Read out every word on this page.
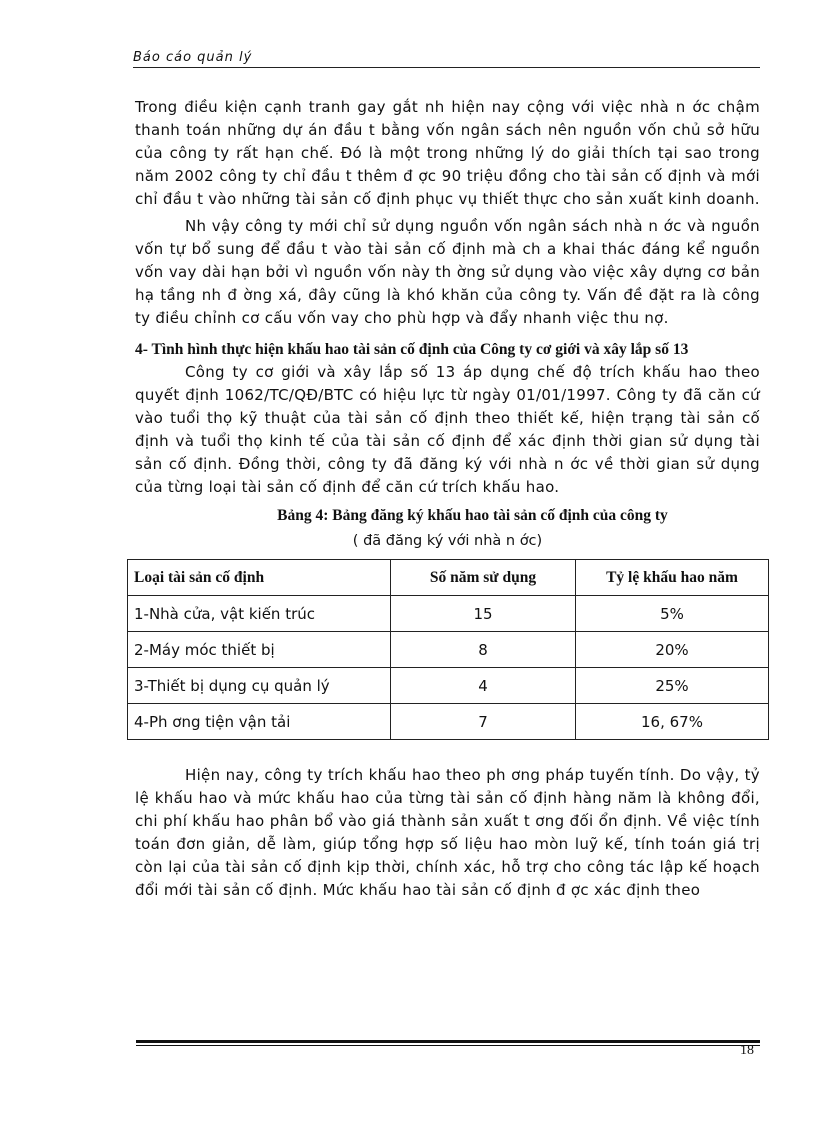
Báo cáo quản lý

Trong điều kiện cạnh tranh gay gắt nh hiện nay cộng với việc nhà n ớc chậm thanh toán những dự án đầu t bằng vốn ngân sách nên nguồn vốn chủ sở hữu của công ty rất hạn chế. Đó là một trong những lý do giải thích tại sao trong năm 2002 công ty chỉ đầu t thêm đ ợc 90 triệu đồng cho tài sản cố định và mới chỉ đầu t vào những tài sản cố định phục vụ thiết thực cho sản xuất kinh doanh.

Nh vậy công ty mới chỉ sử dụng nguồn vốn ngân sách nhà n ớc và nguồn vốn tự bổ sung để đầu t vào tài sản cố định mà ch a khai thác đáng kể nguồn vốn vay dài hạn bởi vì nguồn vốn này th ờng sử dụng vào việc xây dựng cơ bản hạ tầng nh đ ờng xá, đây cũng là khó khăn của công ty. Vấn đề đặt ra là công ty điều chỉnh cơ cấu vốn vay cho phù hợp và đẩy nhanh việc thu nợ.

4- Tình hình thực hiện khấu hao tài sản cố định của Công ty cơ giới và xây lắp số 13

Công ty cơ giới và xây lắp số 13 áp dụng chế độ trích khấu hao theo quyết định 1062/TC/QĐ/BTC có hiệu lực từ ngày 01/01/1997. Công ty đã căn cứ vào tuổi thọ kỹ thuật của tài sản cố định theo thiết kế, hiện trạng tài sản cố định và tuổi thọ kinh tế của tài sản cố định để xác định thời gian sử dụng tài sản cố định. Đồng thời, công ty đã đăng ký với nhà n ớc về thời gian sử dụng của từng loại tài sản cố định để căn cứ trích khấu hao.

Bảng 4: Bảng đăng ký khấu hao tài sản cố định của công ty
( đã đăng ký với nhà n ớc)
Loại tài sản cố định	Số năm sử dụng	Tỷ lệ khấu hao năm
1-Nhà cửa, vật kiến trúc	15	5%
2-Máy móc thiết bị	8	20%
3-Thiết bị dụng cụ quản lý	4	25%
4-Ph ơng tiện vận tải	7	16, 67%

Hiện nay, công ty trích khấu hao theo ph ơng pháp tuyến tính. Do vậy, tỷ lệ khấu hao và mức khấu hao của từng tài sản cố định hàng năm là không đổi, chi phí khấu hao phân bổ vào giá thành sản xuất t ơng đối ổn định. Về việc tính toán đơn giản, dễ làm, giúp tổng hợp số liệu hao mòn luỹ kế, tính toán giá trị còn lại của tài sản cố định kịp thời, chính xác, hỗ trợ cho công tác lập kế hoạch đổi mới tài sản cố định. Mức khấu hao tài sản cố định đ ợc xác định theo

18
